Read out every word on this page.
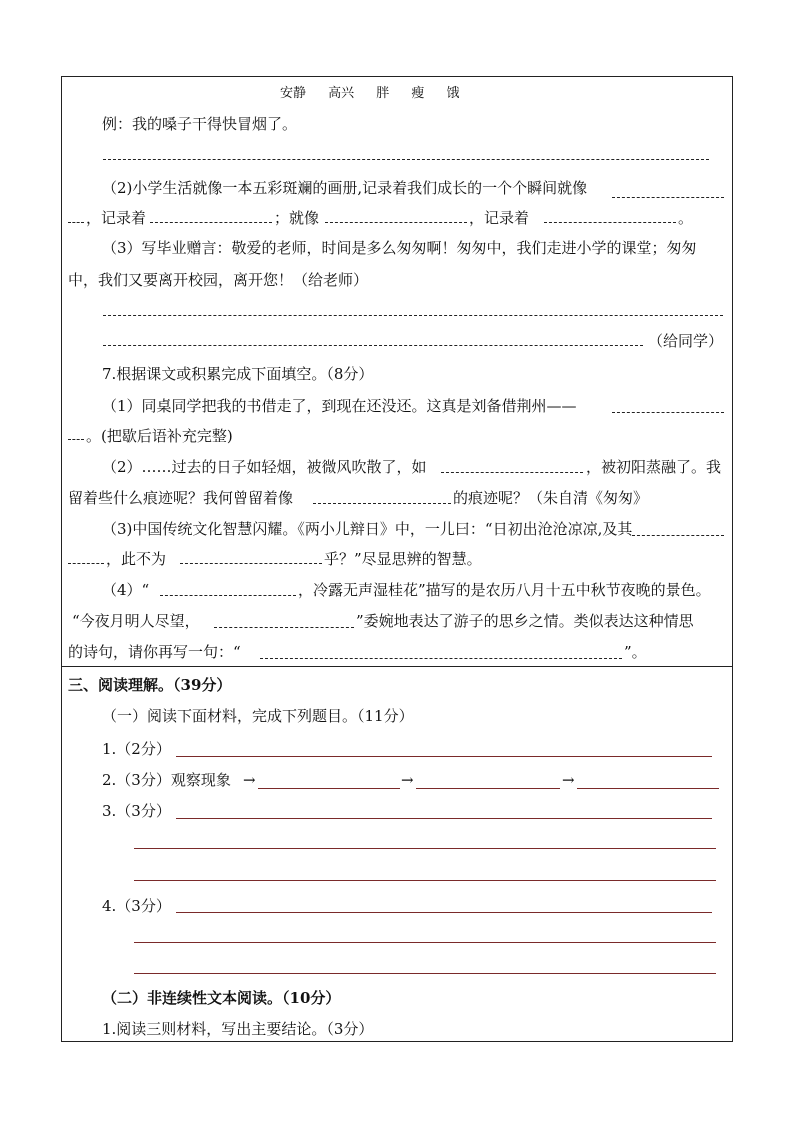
安静 高兴 胖 瘦 饿
例：我的嗓子干得快冒烟了。
（2)小学生活就像一本五彩斑斓的画册,记录着我们成长的一个个瞬间就像
，记录着	；就像	，记录着	。
（3）写毕业赠言：敬爱的老师，时间是多么匆匆啊！匆匆中，我们走进小学的课堂；匆匆
中，我们又要离开校园，离开您！（给老师）
（给同学）
7.根据课文或积累完成下面填空。（8分）
（1）同桌同学把我的书借走了，到现在还没还。这真是刘备借荆州——
。(把歇后语补充完整)
（2）……过去的日子如轻烟，被微风吹散了，如	，被初阳蒸融了。我
留着些什么痕迹呢？我何曾留着像	的痕迹呢？（朱自清《匆匆》
（3)中国传统文化智慧闪耀。《两小儿辩日》中，一儿曰：“日初出沧沧凉凉,及其
，此不为	乎？”尽显思辨的智慧。
（4）“	，冷露无声湿桂花”描写的是农历八月十五中秋节夜晚的景色。
“今夜月明人尽望，	”委婉地表达了游子的思乡之情。类似表达这种情思
的诗句，请你再写一句：“	”。
三、阅读理解。（39分）
（一）阅读下面材料，完成下列题目。（11分）
1.（2分）
2.（3分）观察现象 →	→	→
3.（3分）
4.（3分）
（二）非连续性文本阅读。（10分）
1.阅读三则材料，写出主要结论。（3分）
